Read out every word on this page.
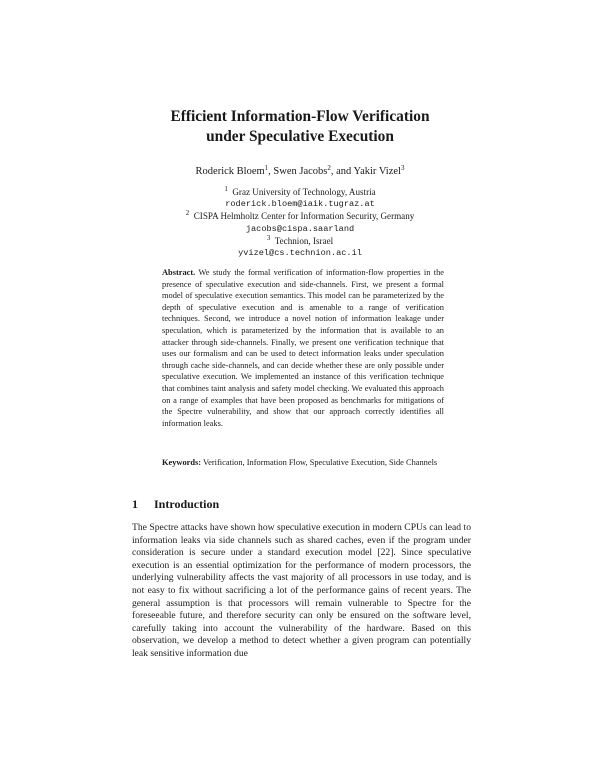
Efficient Information-Flow Verification
under Speculative Execution
Roderick Bloem$^1$, Swen Jacobs$^2$, and Yakir Vizel$^3$
$^1$ Graz University of Technology, Austria
roderick.bloem@iaik.tugraz.at
$^2$ CISPA Helmholtz Center for Information Security, Germany
jacobs@cispa.saarland
$^3$ Technion, Israel
yvizel@cs.technion.ac.il
Abstract. We study the formal verification of information-flow properties in the presence of speculative execution and side-channels. First, we present a formal model of speculative execution semantics. This model can be parameterized by the depth of speculative execution and is amenable to a range of verification techniques. Second, we introduce a novel notion of information leakage under speculation, which is parameterized by the information that is available to an attacker through side-channels. Finally, we present one verification technique that uses our formalism and can be used to detect information leaks under speculation through cache side-channels, and can decide whether these are only possible under speculative execution. We implemented an instance of this verification technique that combines taint analysis and safety model checking. We evaluated this approach on a range of examples that have been proposed as benchmarks for mitigations of the Spectre vulnerability, and show that our approach correctly identifies all information leaks.
Keywords: Verification, Information Flow, Speculative Execution, Side Channels
1 Introduction
The Spectre attacks have shown how speculative execution in modern CPUs can lead to information leaks via side channels such as shared caches, even if the program under consideration is secure under a standard execution model [22]. Since speculative execution is an essential optimization for the performance of modern processors, the underlying vulnerability affects the vast majority of all processors in use today, and is not easy to fix without sacrificing a lot of the performance gains of recent years. The general assumption is that processors will remain vulnerable to Spectre for the foreseeable future, and therefore security can only be ensured on the software level, carefully taking into account the vulnerability of the hardware. Based on this observation, we develop a method to detect whether a given program can potentially leak sensitive information due
